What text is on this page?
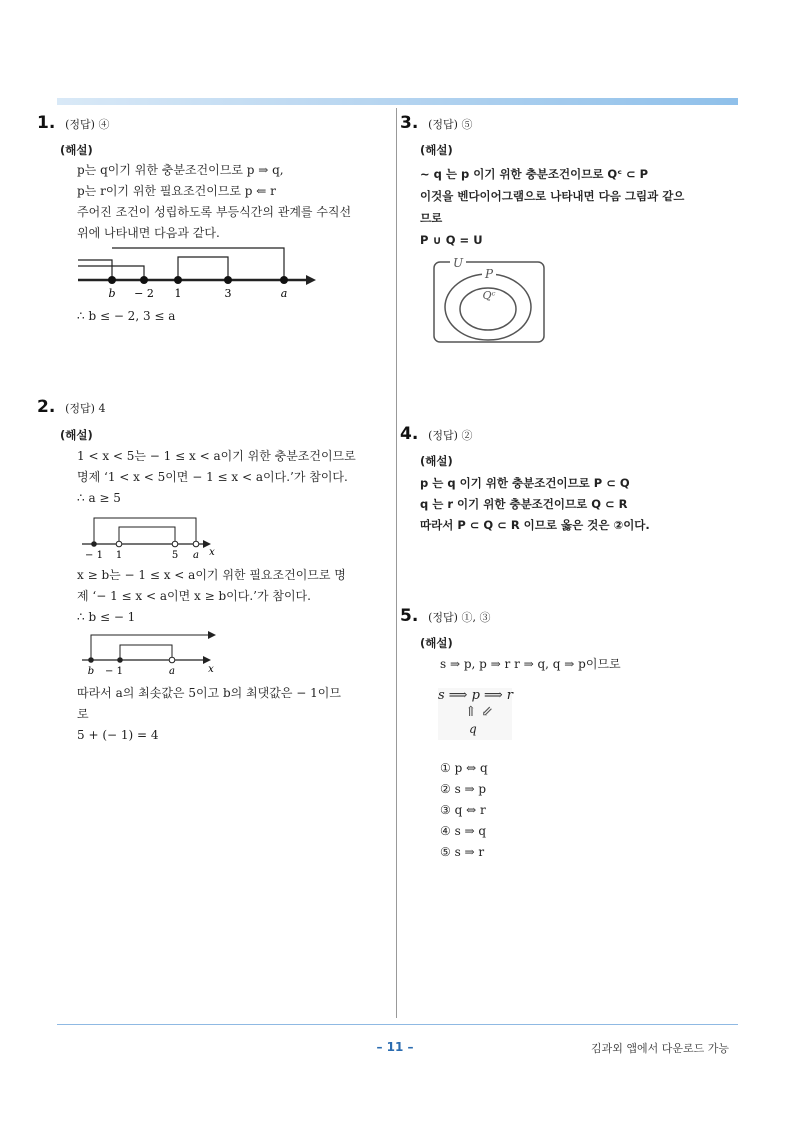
1. (정답) ④
(해설)
p는 q이기 위한 충분조건이므로 p ⇒ q,
p는 r이기 위한 필요조건이므로 p ⇐ r
주어진 조건이 성립하도록 부등식간의 관계를 수직선
위에 나타내면 다음과 같다.
b − 2 1	3	a
∴ b ≤ − 2, 3 ≤ a
2. (정답) 4
(해설)
1 < x < 5는 − 1 ≤ x < a이기 위한 충분조건이므로
명제 ‘1 < x < 5이면 − 1 ≤ x < a이다.’가 참이다.
∴ a ≥ 5
− 1 1	5 a x
x ≥ b는 − 1 ≤ x < a이기 위한 필요조건이므로 명
제 ‘− 1 ≤ x < a이면 x ≥ b이다.’가 참이다.
∴ b ≤ − 1
b − 1	a	x
따라서 a의 최솟값은 5이고 b의 최댓값은 − 1이므
로
5 + (− 1) = 4
3. (정답) ⑤
(해설)
~ q 는 p 이기 위한 충분조건이므로 Qᶜ ⊂ P
이것을 벤다이어그램으로 나타내면 다음 그림과 같으
므로
P ∪ Q = U
U
P
Qᶜ
4. (정답) ②
(해설)
p 는 q 이기 위한 충분조건이므로 P ⊂ Q
q 는 r 이기 위한 충분조건이므로 Q ⊂ R
따라서 P ⊂ Q ⊂ R 이므로 옳은 것은 ②이다.
5. (정답) ①, ③
(해설)
s ⇒ p, p ⇒ r r ⇒ q, q ⇒ p이므로
s ⟹ p ⟹ r
⇑ ⇙
q
① p ⇔ q
② s ⇒ p
③ q ⇔ r
④ s ⇒ q
⑤ s ⇒ r
– 11 –	김과외 앱에서 다운로드 가능
